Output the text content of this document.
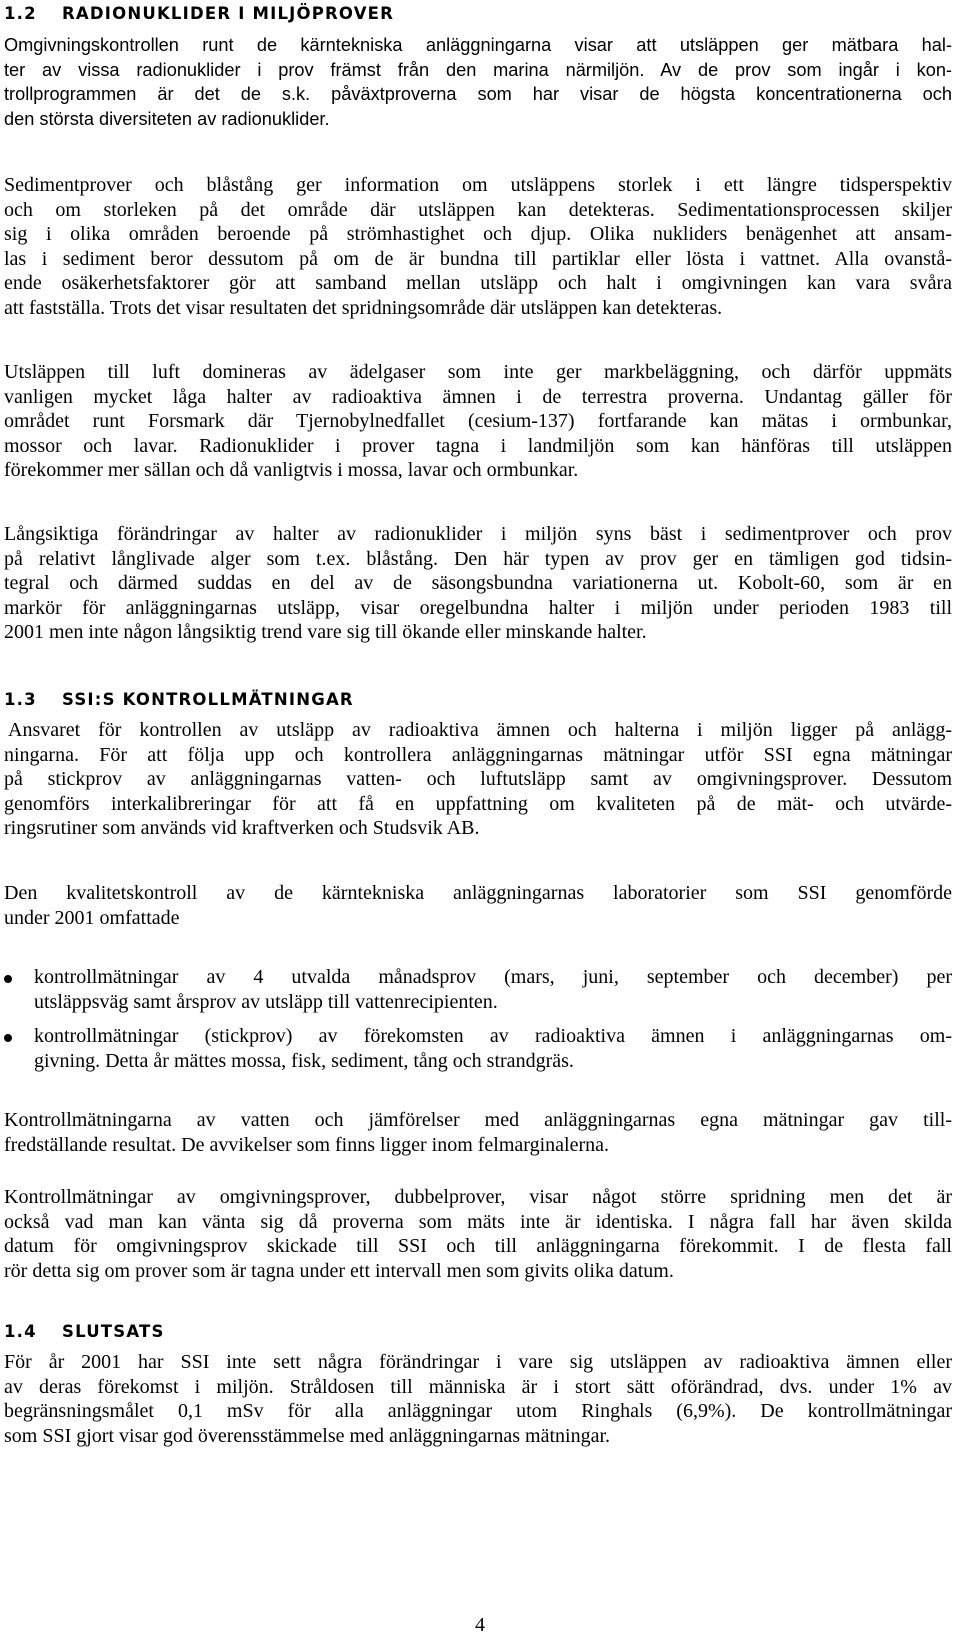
1.2 RADIONUKLIDER I MILJÖPROVER
Omgivningskontrollen runt de kärntekniska anläggningarna visar att utsläppen ger mätbara hal-
ter av vissa radionuklider i prov främst från den marina närmiljön. Av de prov som ingår i kon-
trollprogrammen är det de s.k. påväxtproverna som har visar de högsta koncentrationerna och
den största diversiteten av radionuklider.
Sedimentprover och blåstång ger information om utsläppens storlek i ett längre tidsperspektiv
och om storleken på det område där utsläppen kan detekteras. Sedimentationsprocessen skiljer
sig i olika områden beroende på strömhastighet och djup. Olika nukliders benägenhet att ansam-
las i sediment beror dessutom på om de är bundna till partiklar eller lösta i vattnet. Alla ovanstå-
ende osäkerhetsfaktorer gör att samband mellan utsläpp och halt i omgivningen kan vara svåra
att fastställa. Trots det visar resultaten det spridningsområde där utsläppen kan detekteras.
Utsläppen till luft domineras av ädelgaser som inte ger markbeläggning, och därför uppmäts
vanligen mycket låga halter av radioaktiva ämnen i de terrestra proverna. Undantag gäller för
området runt Forsmark där Tjernobylnedfallet (cesium-137) fortfarande kan mätas i ormbunkar,
mossor och lavar. Radionuklider i prover tagna i landmiljön som kan hänföras till utsläppen
förekommer mer sällan och då vanligtvis i mossa, lavar och ormbunkar.
Långsiktiga förändringar av halter av radionuklider i miljön syns bäst i sedimentprover och prov
på relativt långlivade alger som t.ex. blåstång. Den här typen av prov ger en tämligen god tidsin-
tegral och därmed suddas en del av de säsongsbundna variationerna ut. Kobolt-60, som är en
markör för anläggningarnas utsläpp, visar oregelbundna halter i miljön under perioden 1983 till
2001 men inte någon långsiktig trend vare sig till ökande eller minskande halter.
1.3 SSI:S KONTROLLMÄTNINGAR
Ansvaret för kontrollen av utsläpp av radioaktiva ämnen och halterna i miljön ligger på anlägg-
ningarna. För att följa upp och kontrollera anläggningarnas mätningar utför SSI egna mätningar
på stickprov av anläggningarnas vatten- och luftutsläpp samt av omgivningsprover. Dessutom
genomförs interkalibreringar för att få en uppfattning om kvaliteten på de mät- och utvärde-
ringsrutiner som används vid kraftverken och Studsvik AB.
Den kvalitetskontroll av de kärntekniska anläggningarnas laboratorier som SSI genomförde
under 2001 omfattade
kontrollmätningar av 4 utvalda månadsprov (mars, juni, september och december) per
utsläppsväg samt årsprov av utsläpp till vattenrecipienten.
kontrollmätningar (stickprov) av förekomsten av radioaktiva ämnen i anläggningarnas om-
givning. Detta år mättes mossa, fisk, sediment, tång och strandgräs.
Kontrollmätningarna av vatten och jämförelser med anläggningarnas egna mätningar gav till-
fredställande resultat. De avvikelser som finns ligger inom felmarginalerna.
Kontrollmätningar av omgivningsprover, dubbelprover, visar något större spridning men det är
också vad man kan vänta sig då proverna som mäts inte är identiska. I några fall har även skilda
datum för omgivningsprov skickade till SSI och till anläggningarna förekommit. I de flesta fall
rör detta sig om prover som är tagna under ett intervall men som givits olika datum.
1.4 SLUTSATS
För år 2001 har SSI inte sett några förändringar i vare sig utsläppen av radioaktiva ämnen eller
av deras förekomst i miljön. Stråldosen till människa är i stort sätt oförändrad, dvs. under 1% av
begränsningsmålet 0,1 mSv för alla anläggningar utom Ringhals (6,9%). De kontrollmätningar
som SSI gjort visar god överensstämmelse med anläggningarnas mätningar.
4
